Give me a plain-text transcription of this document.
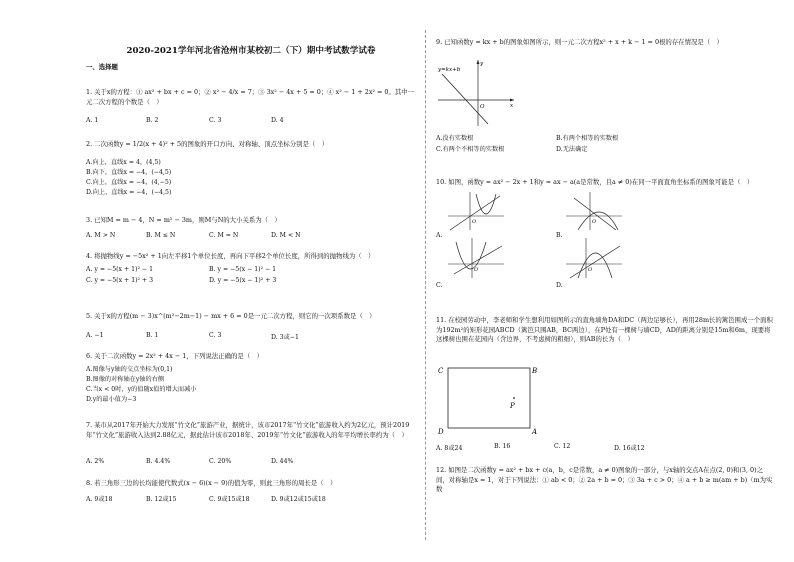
2020-2021学年河北省沧州市某校初二（下）期中考试数学试卷
一、选择题
1. 关于x的方程：① ax² + bx + c = 0；② x² − 4/x = 7；③ 3x² − 4x + 5 = 0；④ x² − 1 + 2x² = 0。其中一元二次方程的个数是（　）
A. 1	B. 2	C. 3	D. 4
2. 二次函数y = 1/2(x + 4)² + 5的图象的开口方向、对称轴、顶点坐标分别是（　）
A.向上，直线x = 4，(4,5)
B.向下，直线x = −4，(−4,5)
C.向上，直线x = −4，(4,−5)
D.向上，直线x = −4，(−4,5)
3. 已知M = m − 4，N = m² − 3m，则M与N的大小关系为（　）
A. M > N	B. M ≤ N	C. M = N	D. M < N
4. 将抛物线y = −5x² + 1向左平移1个单位长度，再向下平移2个单位长度，所得到的抛物线为（　）
A. y = −5(x + 1)² − 1	B. y = −5(x − 1)² − 1
C. y = −5(x + 1)² + 3	D. y = −5(x − 1)² + 3
5. 关于x的方程(m − 3)x^(m²−2m−1) − mx + 6 = 0是一元二次方程，则它的一次项系数是（　）
A. −1	B. 1	C. 3	D. 3或−1
6. 关于二次函数y = 2x² + 4x − 1，下列说法正确的是（　）
A.图像与y轴的交点坐标为(0,1)
B.图像的对称轴在y轴的右侧
C.当x < 0时，y的值随x值的增大而减小
D.y的最小值为−3
7. 某市从2017年开始大力发展“竹文化”旅游产业，据统计，该市2017年“竹文化”旅游收入约为2亿元，预计2019年“竹文化”旅游收入达到2.88亿元，据此估计该市2018年、2019年“竹文化”旅游收入的年平均增长率约为（　）
A. 2%	B. 4.4%	C. 20%	D. 44%
8. 若三角形三边的长均能使代数式(x − 6)(x − 9)的值为零，则此三角形的周长是（　）
A. 9或18	B. 12或15	C. 9或15或18	D. 9或12或15或18
9. 已知函数y = kx + b的图象如图所示，则一元二次方程x² + x + k − 1 = 0根的存在情况是（　）
y=kx+b
y
x
O
A.没有实数根	B.有两个相等的实数根
C.有两个不相等的实数根	D.无法确定
10. 如图，函数y = ax² − 2x + 1和y = ax − a(a是常数，且a ≠ 0)在同一平面直角坐标系的图象可能是（　）
O
A.
O
B.
O
C.
O
D.
11. 在校园劳动中，李老师和学生想利用如图所示的直角墙角DA和DC（两边足够长），再用28m长的篱笆围成一个面积为192m²的矩形花园ABCD（篱笆只围AB，BC两边），在P处有一棵树与墙CD，AD的距离分别是15m和6m，现要将这棵树也围在花园内（含边界，不考虑树的粗细），则AB的长为（　）
C	B
D	A
P
A. 8或24	B. 16	C. 12	D. 16或12
12. 如图是二次函数y = ax² + bx + c(a，b，c是常数，a ≠ 0)图象的一部分，与x轴的交点A在点(2, 0)和(3, 0)之间，对称轴是x = 1，对于下列说法：① ab < 0；② 2a + b = 0；③ 3a + c > 0；④ a + b ≥ m(am + b)（m为实数
